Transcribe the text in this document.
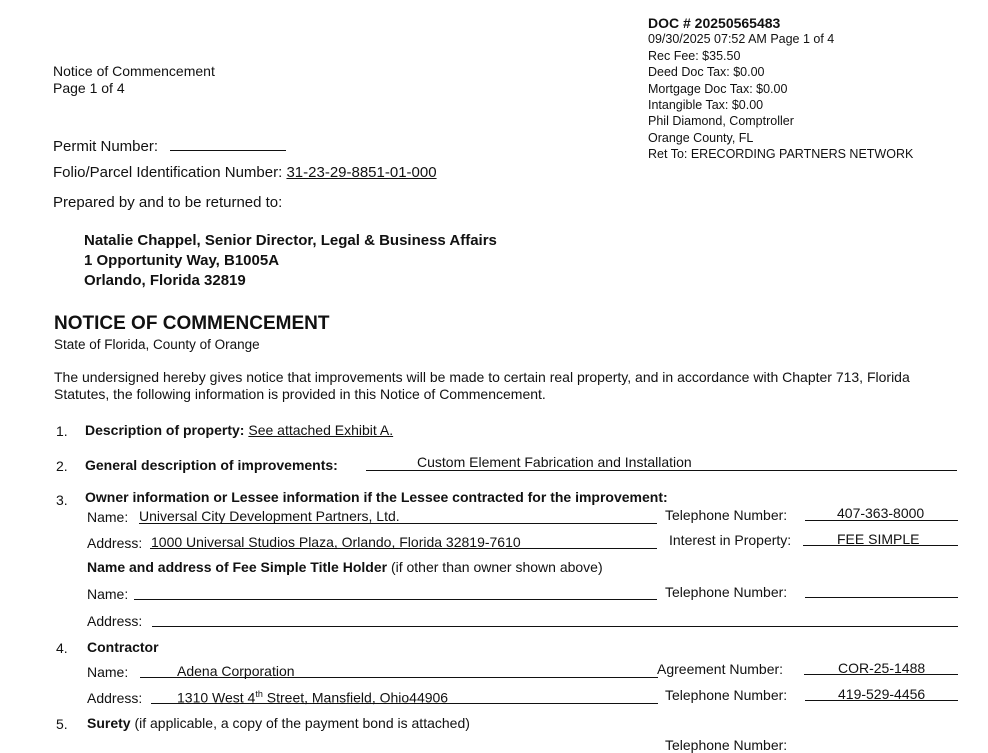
DOC # 20250565483
09/30/2025 07:52 AM Page 1 of 4
Rec Fee: $35.50
Deed Doc Tax: $0.00
Mortgage Doc Tax: $0.00
Intangible Tax: $0.00
Phil Diamond, Comptroller
Orange County, FL
Ret To: ERECORDING PARTNERS NETWORK
Notice of Commencement
Page 1 of 4
Permit Number:
Folio/Parcel Identification Number: 31-23-29-8851-01-000
Prepared by and to be returned to:
Natalie Chappel, Senior Director, Legal & Business Affairs
1 Opportunity Way, B1005A
Orlando, Florida 32819
NOTICE OF COMMENCEMENT
State of Florida, County of Orange
The undersigned hereby gives notice that improvements will be made to certain real property, and in accordance with Chapter 713, Florida Statutes, the following information is provided in this Notice of Commencement.
1. Description of property: See attached Exhibit A.
2. General description of improvements:	Custom Element Fabrication and Installation
3. Owner information or Lessee information if the Lessee contracted for the improvement:
Name: Universal City Development Partners, Ltd.	Telephone Number:	407-363-8000
Address: 1000 Universal Studios Plaza, Orlando, Florida 32819-7610	Interest in Property:	FEE SIMPLE
Name and address of Fee Simple Title Holder (if other than owner shown above)
Name:	Telephone Number:
Address:
4. Contractor
Name:	Adena Corporation	Agreement Number:	COR-25-1488
Address: 1310 West 4th Street, Mansfield, Ohio44906	Telephone Number:	419-529-4456
5. Surety (if applicable, a copy of the payment bond is attached)
Telephone Number:
